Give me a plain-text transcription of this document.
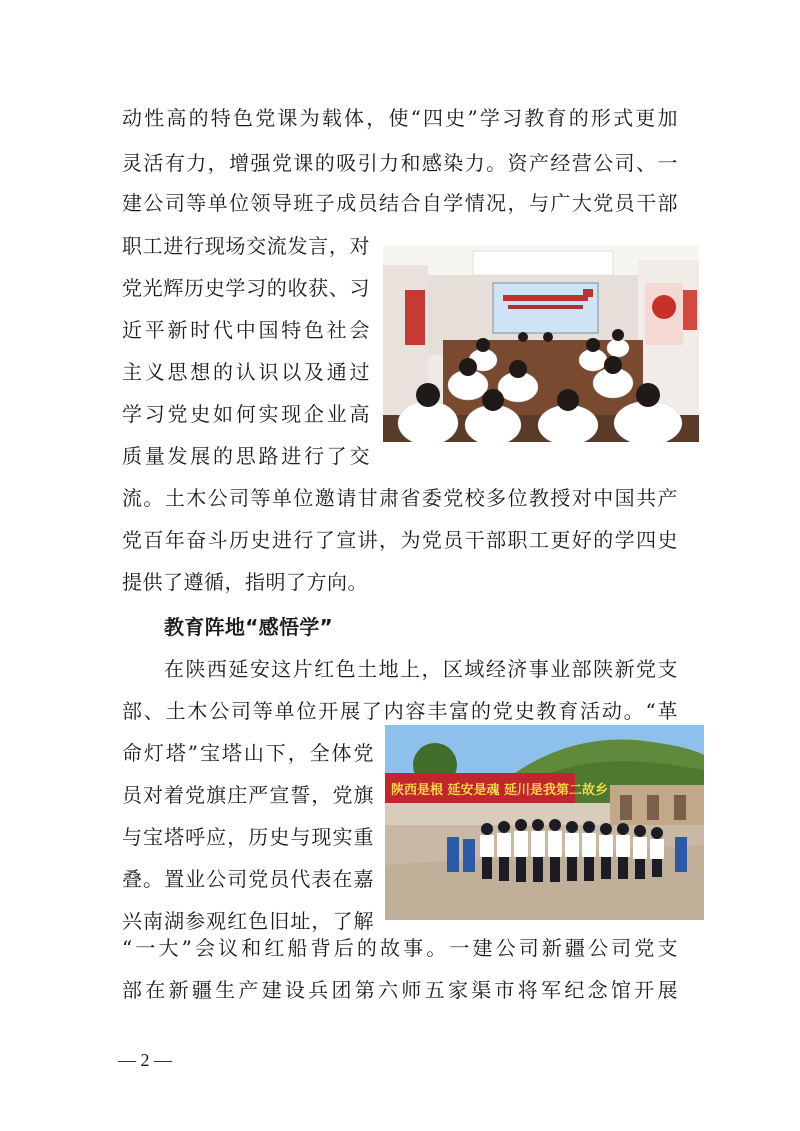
动性高的特色党课为载体，使“四史”学习教育的形式更加
灵活有力，增强党课的吸引力和感染力。资产经营公司、一
建公司等单位领导班子成员结合自学情况，与广大党员干部
职工进行现场交流发言，对
党光辉历史学习的收获、习
近平新时代中国特色社会
主义思想的认识以及通过
学习党史如何实现企业高
质量发展的思路进行了交
流。土木公司等单位邀请甘肃省委党校多位教授对中国共产
党百年奋斗历史进行了宣讲，为党员干部职工更好的学四史
提供了遵循，指明了方向。
教育阵地“感悟学”
在陕西延安这片红色土地上，区域经济事业部陕新党支
部、土木公司等单位开展了内容丰富的党史教育活动。“革
命灯塔”宝塔山下，全体党
员对着党旗庄严宣誓，党旗
与宝塔呼应，历史与现实重
叠。置业公司党员代表在嘉
兴南湖参观红色旧址，了解
陕西是根 延安是魂 延川是我第二故乡
“一大”会议和红船背后的故事。一建公司新疆公司党支
部在新疆生产建设兵团第六师五家渠市将军纪念馆开展
— 2 —
